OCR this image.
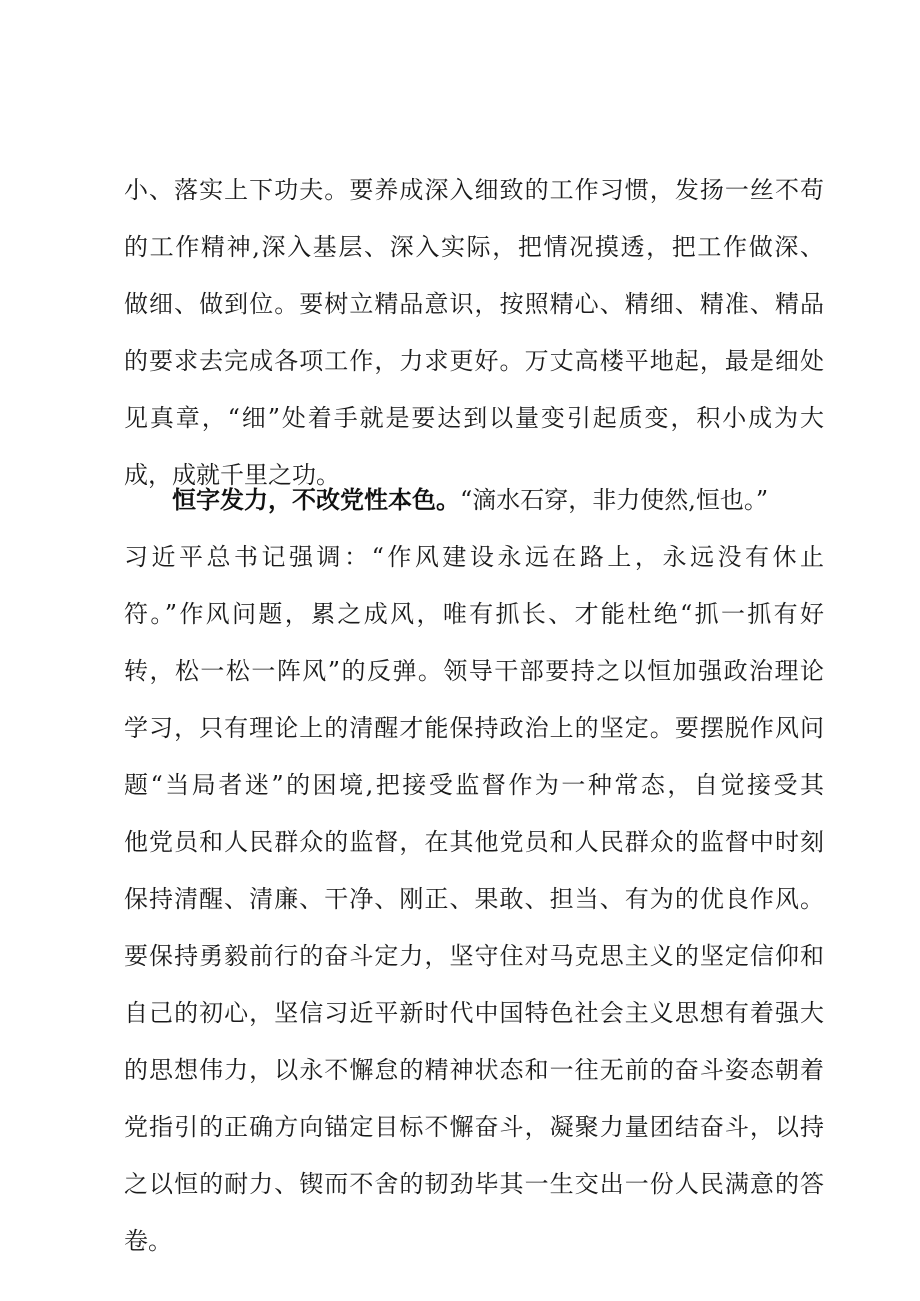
小、落实上下功夫。要养成深入细致的工作习惯，发扬一丝不苟
的工作精神,深入基层、深入实际，把情况摸透，把工作做深、
做细、做到位。要树立精品意识，按照精心、精细、精准、精品
的要求去完成各项工作，力求更好。万丈高楼平地起，最是细处
见真章，“细”处着手就是要达到以量变引起质变，积小成为大
成，成就千里之功。
恒字发力，不改党性本色。“滴水石穿，非力使然,恒也。”
习近平总书记强调：“作风建设永远在路上，永远没有休止
符。”作风问题，累之成风，唯有抓长、才能杜绝“抓一抓有好
转，松一松一阵风”的反弹。领导干部要持之以恒加强政治理论
学习，只有理论上的清醒才能保持政治上的坚定。要摆脱作风问
题“当局者迷”的困境,把接受监督作为一种常态，自觉接受其
他党员和人民群众的监督，在其他党员和人民群众的监督中时刻
保持清醒、清廉、干净、刚正、果敢、担当、有为的优良作风。
要保持勇毅前行的奋斗定力，坚守住对马克思主义的坚定信仰和
自己的初心，坚信习近平新时代中国特色社会主义思想有着强大
的思想伟力，以永不懈怠的精神状态和一往无前的奋斗姿态朝着
党指引的正确方向锚定目标不懈奋斗，凝聚力量团结奋斗，以持
之以恒的耐力、锲而不舍的韧劲毕其一生交出一份人民满意的答
卷。
